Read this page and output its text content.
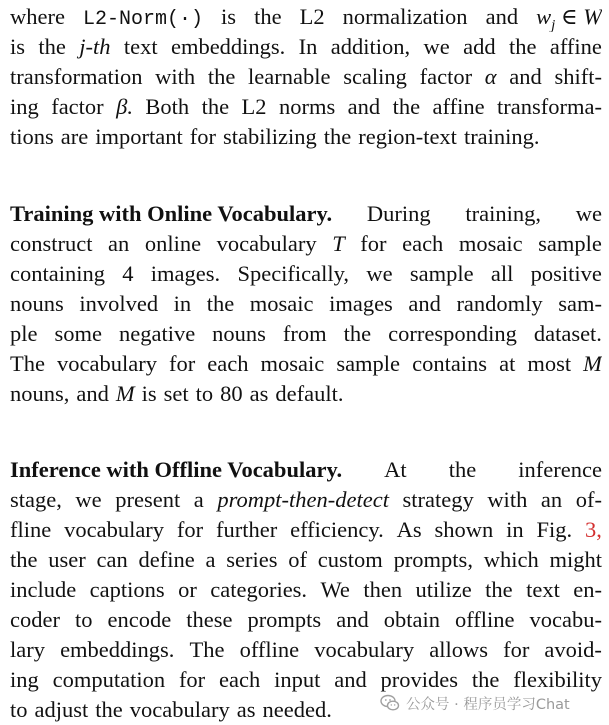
where L2-Norm(·) is the L2 normalization and $w_j$ ∈ W
is the j-th text embeddings. In addition, we add the affine
transformation with the learnable scaling factor α and shift-
ing factor β. Both the L2 norms and the affine transforma-
tions are important for stabilizing the region-text training.
Training with Online Vocabulary. During training, we
construct an online vocabulary T for each mosaic sample
containing 4 images. Specifically, we sample all positive
nouns involved in the mosaic images and randomly sam-
ple some negative nouns from the corresponding dataset.
The vocabulary for each mosaic sample contains at most M
nouns, and M is set to 80 as default.
Inference with Offline Vocabulary. At the inference
stage, we present a prompt-then-detect strategy with an of-
fline vocabulary for further efficiency. As shown in Fig. 3,
the user can define a series of custom prompts, which might
include captions or categories. We then utilize the text en-
coder to encode these prompts and obtain offline vocabu-
lary embeddings. The offline vocabulary allows for avoid-
ing computation for each input and provides the flexibility
to adjust the vocabulary as needed.	公众号 · 程序员学习Chat
